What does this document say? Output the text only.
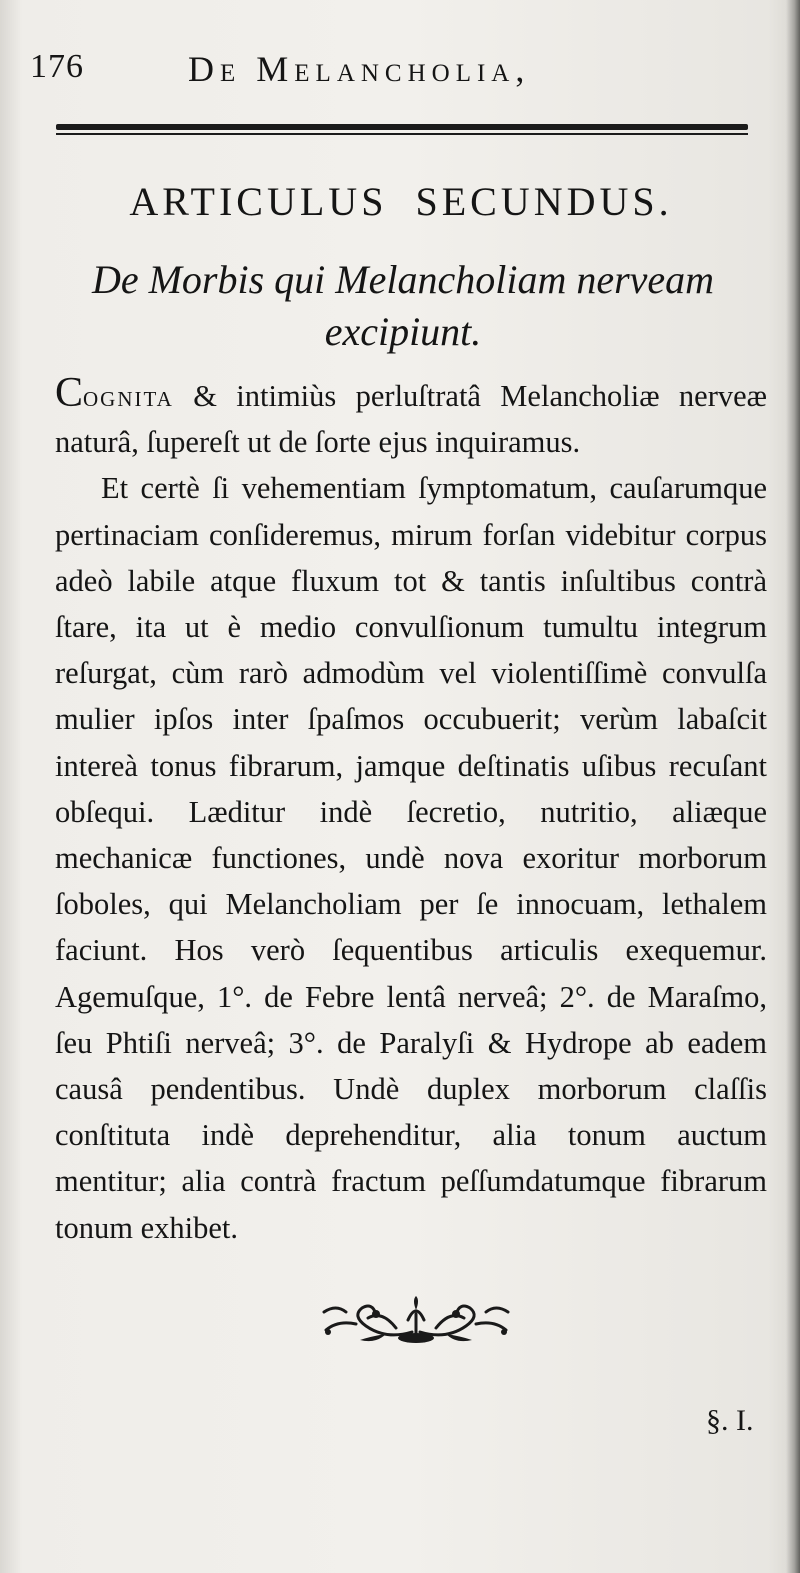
176	De Melancholia,
ARTICULUS SECUNDUS.
De Morbis qui Melancholiam nerveam
excipiunt.

Cognita & intimiùs perluſtratâ Melancholiæ nerveæ naturâ, ſupereſt ut de ſorte ejus inquiramus.

Et certè ſi vehementiam ſymptomatum, cauſarumque pertinaciam conſideremus, mirum forſan videbitur corpus adeò labile atque fluxum tot & tantis inſultibus contrà ſtare, ita ut è medio convulſionum tumultu integrum reſurgat, cùm rarò admodùm vel violentiſſimè convulſa mulier ipſos inter ſpaſmos occubuerit; verùm labaſcit intereà tonus fibrarum, jamque deſtinatis uſibus recuſant obſequi. Læditur indè ſecretio, nutritio, aliæque mechanicæ functiones, undè nova exoritur morborum ſoboles, qui Melancholiam per ſe innocuam, lethalem faciunt. Hos verò ſequentibus articulis exequemur. Agemuſque, 1°. de Febre lentâ nerveâ; 2°. de Maraſmo, ſeu Phtiſi nerveâ; 3°. de Paralyſi & Hydrope ab eadem causâ pendentibus. Undè duplex morborum claſſis conſtituta indè deprehenditur, alia tonum auctum mentitur; alia contrà fractum peſſumdatumque fibrarum tonum exhibet.

§. I.
